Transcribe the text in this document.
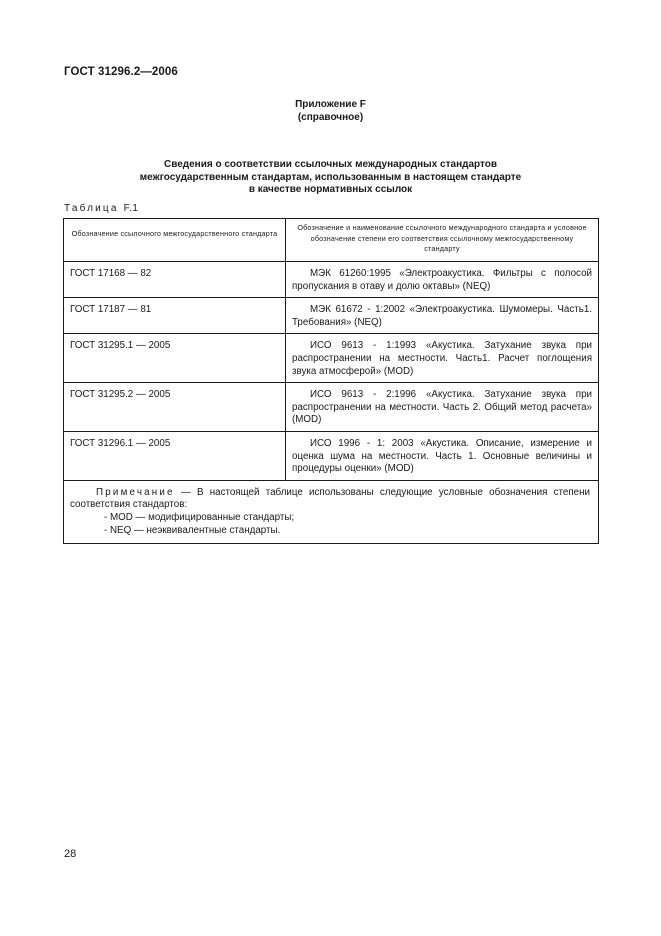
ГОСТ 31296.2—2006
Приложение F
(справочное)
Сведения о соответствии ссылочных международных стандартов
межгосударственным стандартам, использованным в настоящем стандарте
в качестве нормативных ссылок
Таблица F.1
Обозначение ссылочного межгосударственного стандарта	Обозначение и наименование ссылочного международного стандарта и условное обозначение степени его соответствия ссылочному межгосударственному стандарту
ГОСТ 17168 — 82	МЭК 61260:1995 «Электроакустика. Фильтры с полосой пропускания в отаву и долю октавы» (NEQ)
ГОСТ 17187 — 81	МЭК 61672 - 1:2002 «Электроакустика. Шумомеры. Часть1. Требования» (NEQ)
ГОСТ 31295.1 — 2005	ИСО 9613 - 1:1993 «Акустика. Затухание звука при распространении на местности. Часть1. Расчет поглощения звука атмосферой» (MOD)
ГОСТ 31295.2 — 2005	ИСО 9613 - 2:1996 «Акустика. Затухание звука при распространении на местности. Часть 2. Общий метод расчета» (MOD)
ГОСТ 31296.1 — 2005	ИСО 1996 - 1: 2003 «Акустика. Описание, измерение и оценка шума на местности. Часть 1. Основные величины и процедуры оценки» (MOD)

Примечание — В настоящей таблице использованы следующие условные обозначения степени соответствия стандартов:
- MOD — модифицированные стандарты;
- NEQ — неэквивалентные стандарты.	
28
